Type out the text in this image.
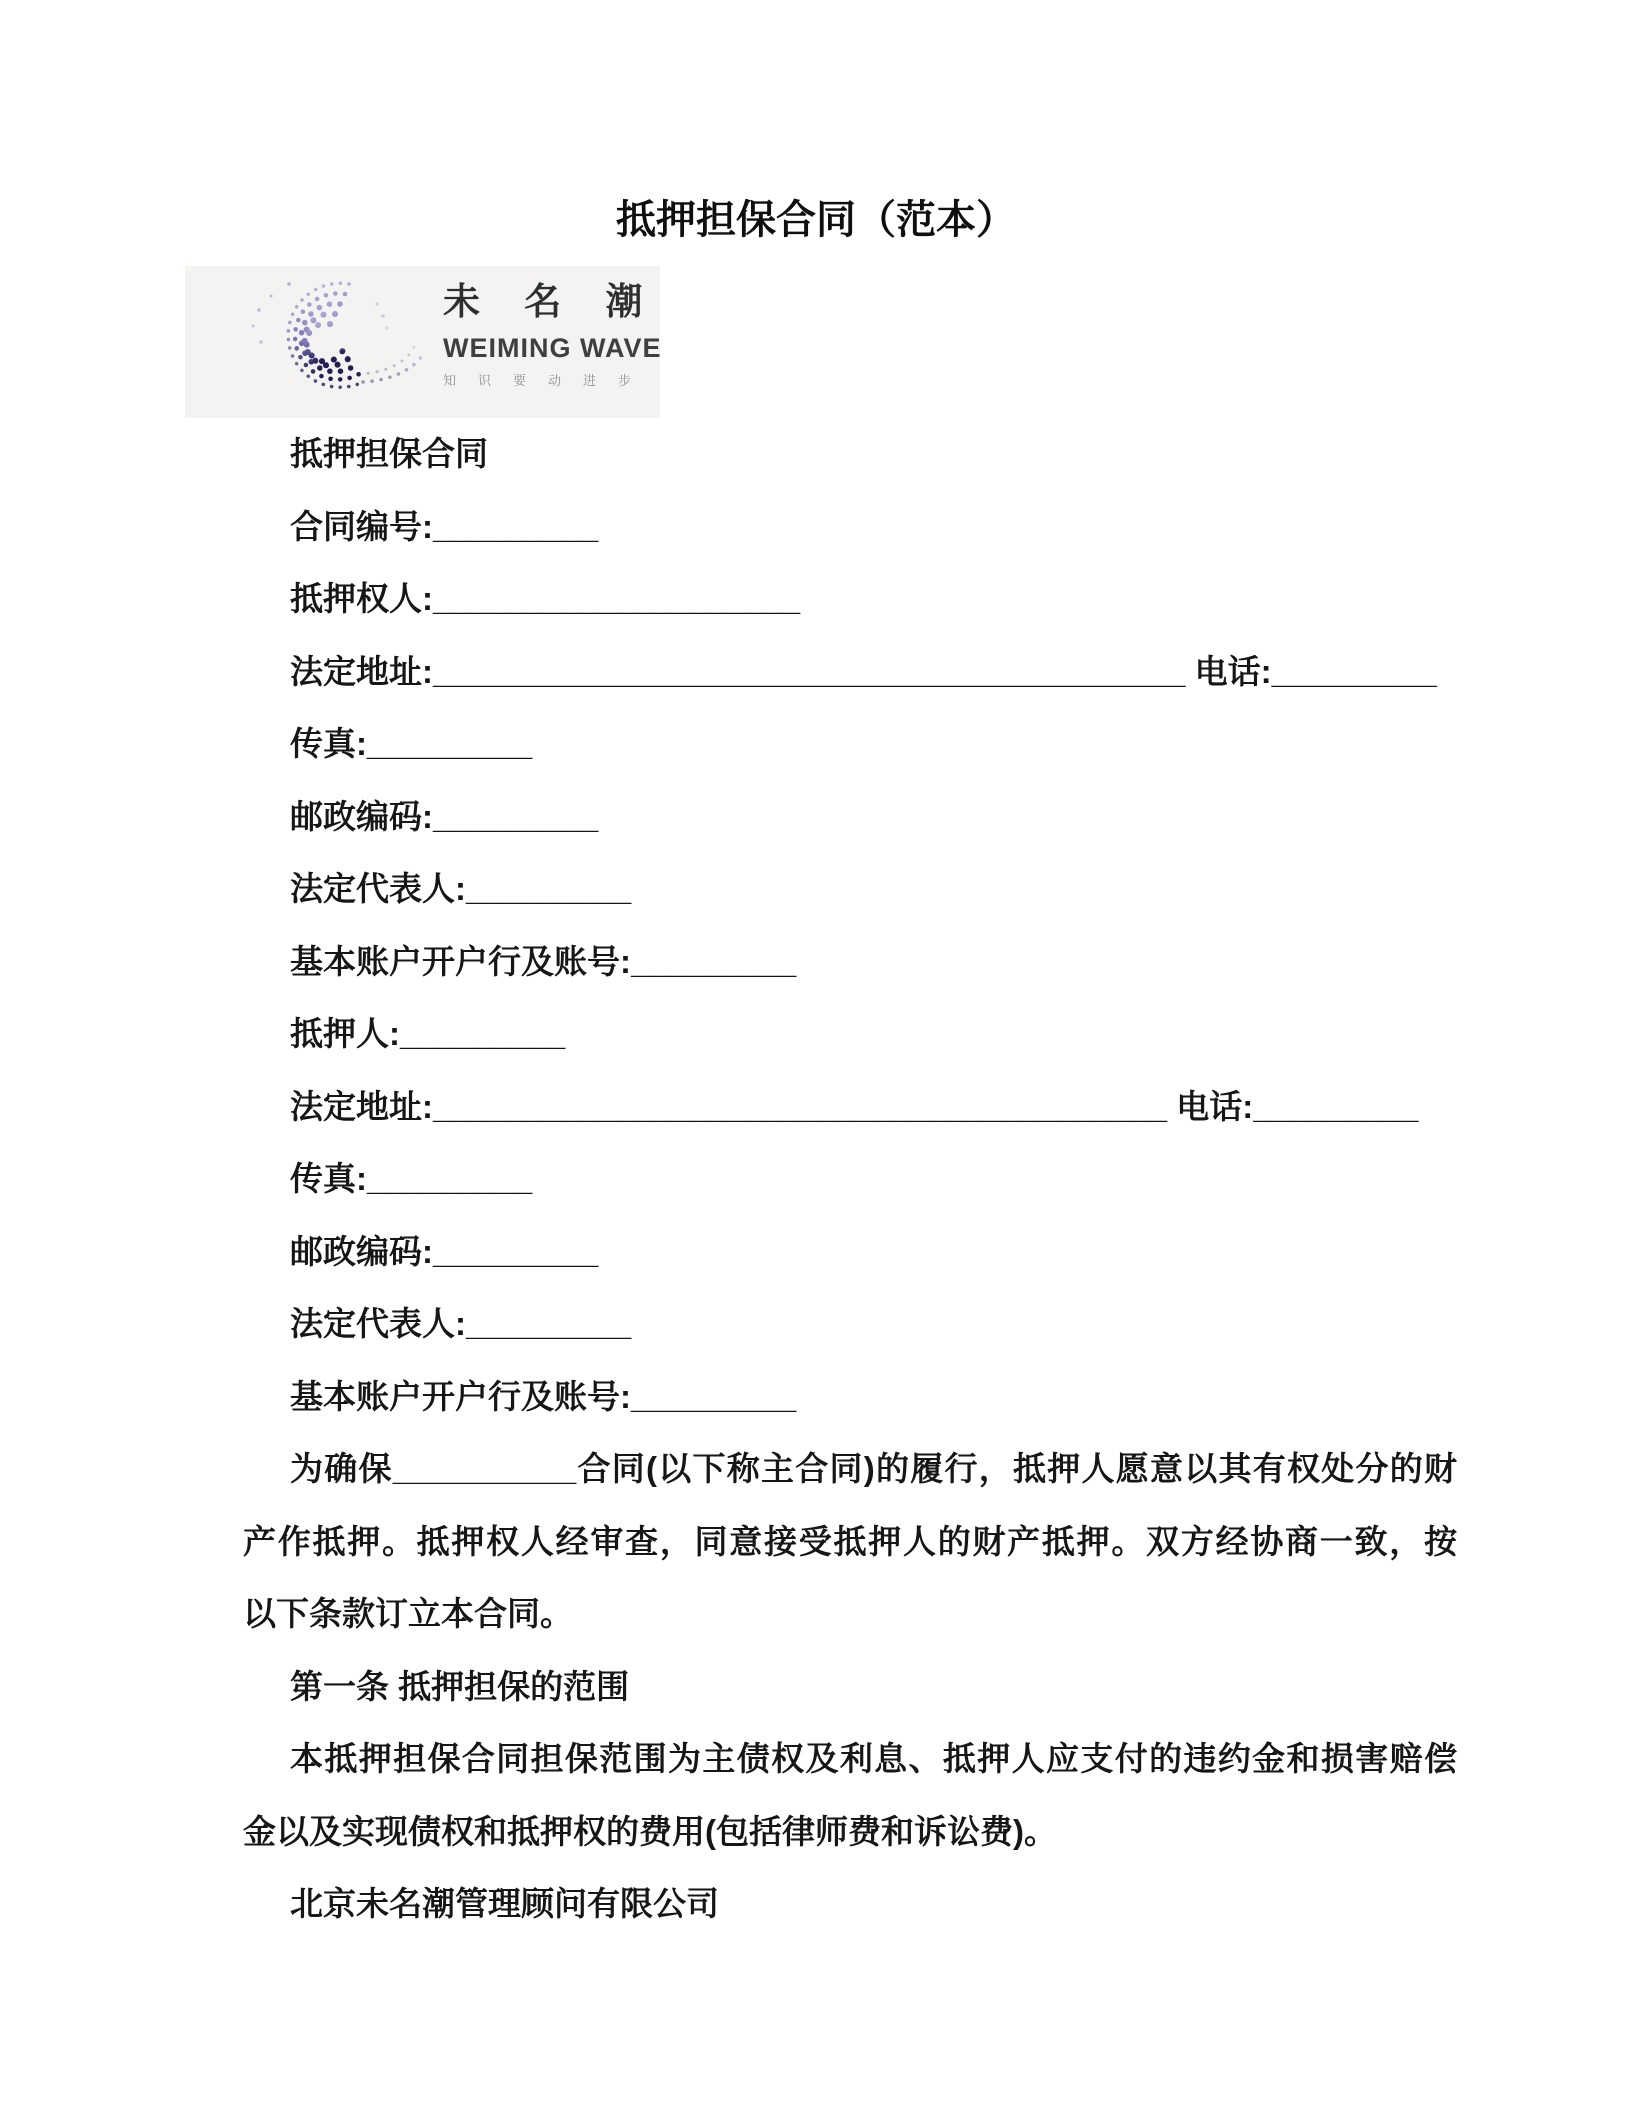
抵押担保合同（范本）
未 名 潮
WEIMING WAVE
知识要动进步
抵押担保合同
合同编号:_________
抵押权人:____________________
法定地址:_________________________________________ 电话:_________
传真:_________
邮政编码:_________
法定代表人:_________
基本账户开户行及账号:_________
抵押人:_________
法定地址:________________________________________ 电话:_________
传真:_________
邮政编码:_________
法定代表人:_________
基本账户开户行及账号:_________
为确保__________合同(以下称主合同)的履行，抵押人愿意以其有权处分的财
产作抵押。抵押权人经审查，同意接受抵押人的财产抵押。双方经协商一致，按
以下条款订立本合同。
第一条 抵押担保的范围
本抵押担保合同担保范围为主债权及利息、抵押人应支付的违约金和损害赔偿
金以及实现债权和抵押权的费用(包括律师费和诉讼费)。
北京未名潮管理顾问有限公司
